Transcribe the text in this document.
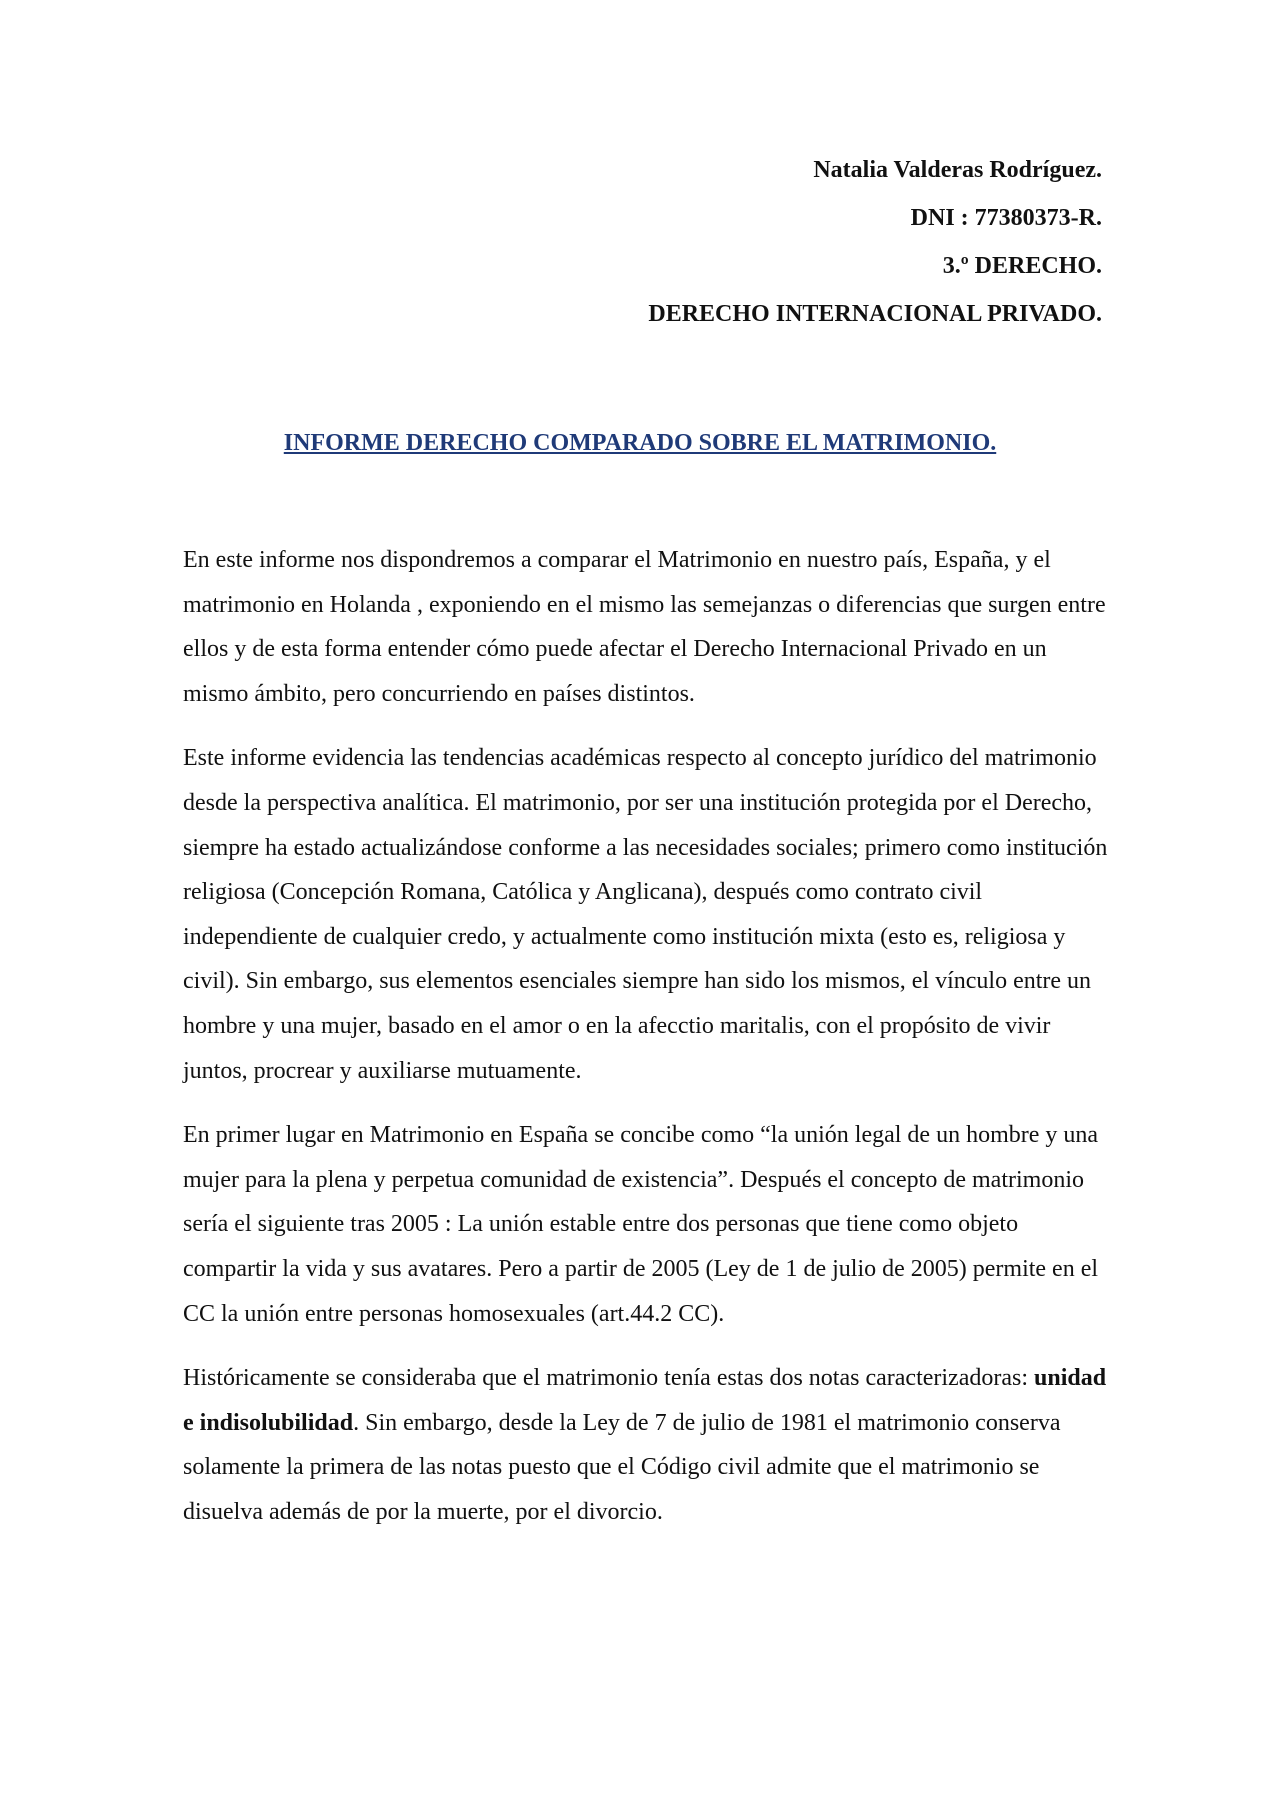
Natalia Valderas Rodríguez.
DNI : 77380373-R.
3.º DERECHO.
DERECHO INTERNACIONAL PRIVADO.
INFORME DERECHO COMPARADO SOBRE EL MATRIMONIO.

En este informe nos dispondremos a comparar el Matrimonio en nuestro país, España, y el matrimonio en Holanda , exponiendo en el mismo las semejanzas o diferencias que surgen entre ellos y de esta forma entender cómo puede afectar el Derecho Internacional Privado en un mismo ámbito, pero concurriendo en países distintos.

Este informe evidencia las tendencias académicas respecto al concepto jurídico del matrimonio desde la perspectiva analítica. El matrimonio, por ser una institución protegida por el Derecho, siempre ha estado actualizándose conforme a las necesidades sociales; primero como institución religiosa (Concepción Romana, Católica y Anglicana), después como contrato civil independiente de cualquier credo, y actualmente como institución mixta (esto es, religiosa y civil). Sin embargo, sus elementos esenciales siempre han sido los mismos, el vínculo entre un hombre y una mujer, basado en el amor o en la afecctio maritalis, con el propósito de vivir juntos, procrear y auxiliarse mutuamente.

En primer lugar en Matrimonio en España se concibe como “la unión legal de un hombre y una mujer para la plena y perpetua comunidad de existencia”. Después el concepto de matrimonio sería el siguiente tras 2005 : La unión estable entre dos personas que tiene como objeto compartir la vida y sus avatares. Pero a partir de 2005 (Ley de 1 de julio de 2005) permite en el CC la unión entre personas homosexuales (art.44.2 CC).

Históricamente se consideraba que el matrimonio tenía estas dos notas caracterizadoras: unidad e indisolubilidad. Sin embargo, desde la Ley de 7 de julio de 1981 el matrimonio conserva solamente la primera de las notas puesto que el Código civil admite que el matrimonio se disuelva además de por la muerte, por el divorcio.
